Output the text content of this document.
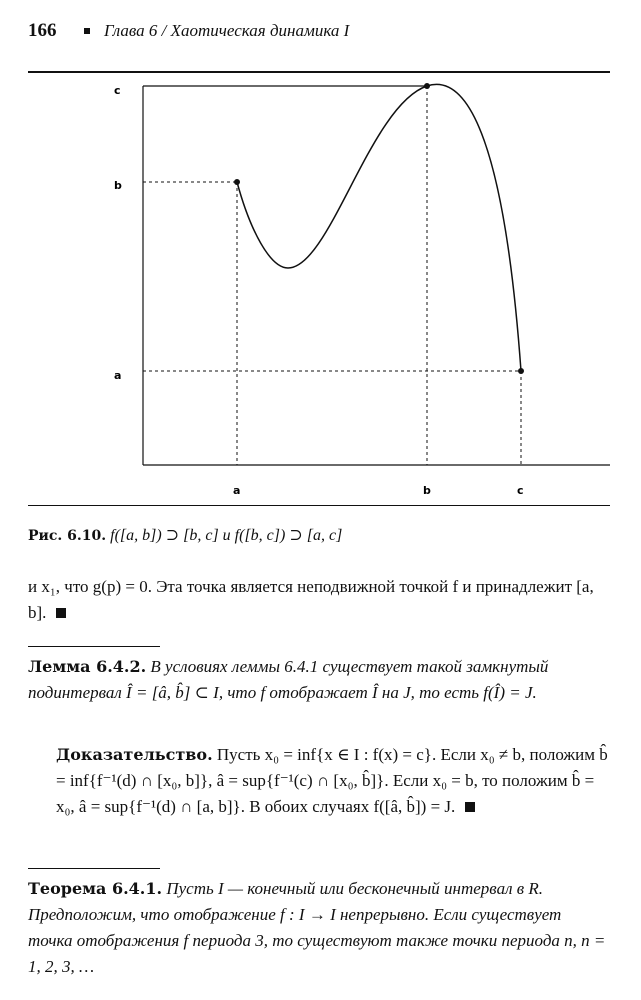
166	Глава 6 / Хаотическая динамика I
c
b
a
a	b	c
Рис. 6.10. f([a, b]) ⊃ [b, c] и f([b, c]) ⊃ [a, c]
и x₁, что g(p) = 0. Эта точка является неподвижной точкой f и принадлежит [a, b].
Лемма 6.4.2. В условиях леммы 6.4.1 существует такой замкнутый подинтервал Î = [â, b̂] ⊂ I, что f отображает Î на J, то есть f(Î) = J.
Доказательство. Пусть x₀ = inf{x ∈ I : f(x) = c}. Если x₀ ≠ b, положим b̂ = inf{f⁻¹(d) ∩ [x₀, b]}, â = sup{f⁻¹(c) ∩ [x₀, b̂]}. Если x₀ = b, то положим b̂ = x₀, â = sup{f⁻¹(d) ∩ [a, b]}. В обоих случаях f([â, b̂]) = J.
Теорема 6.4.1. Пусть I — конечный или бесконечный интервал в R. Предположим, что отображение f : I → I непрерывно. Если существует точка отображения f периода 3, то существуют также точки периода n, n = 1, 2, 3, …
